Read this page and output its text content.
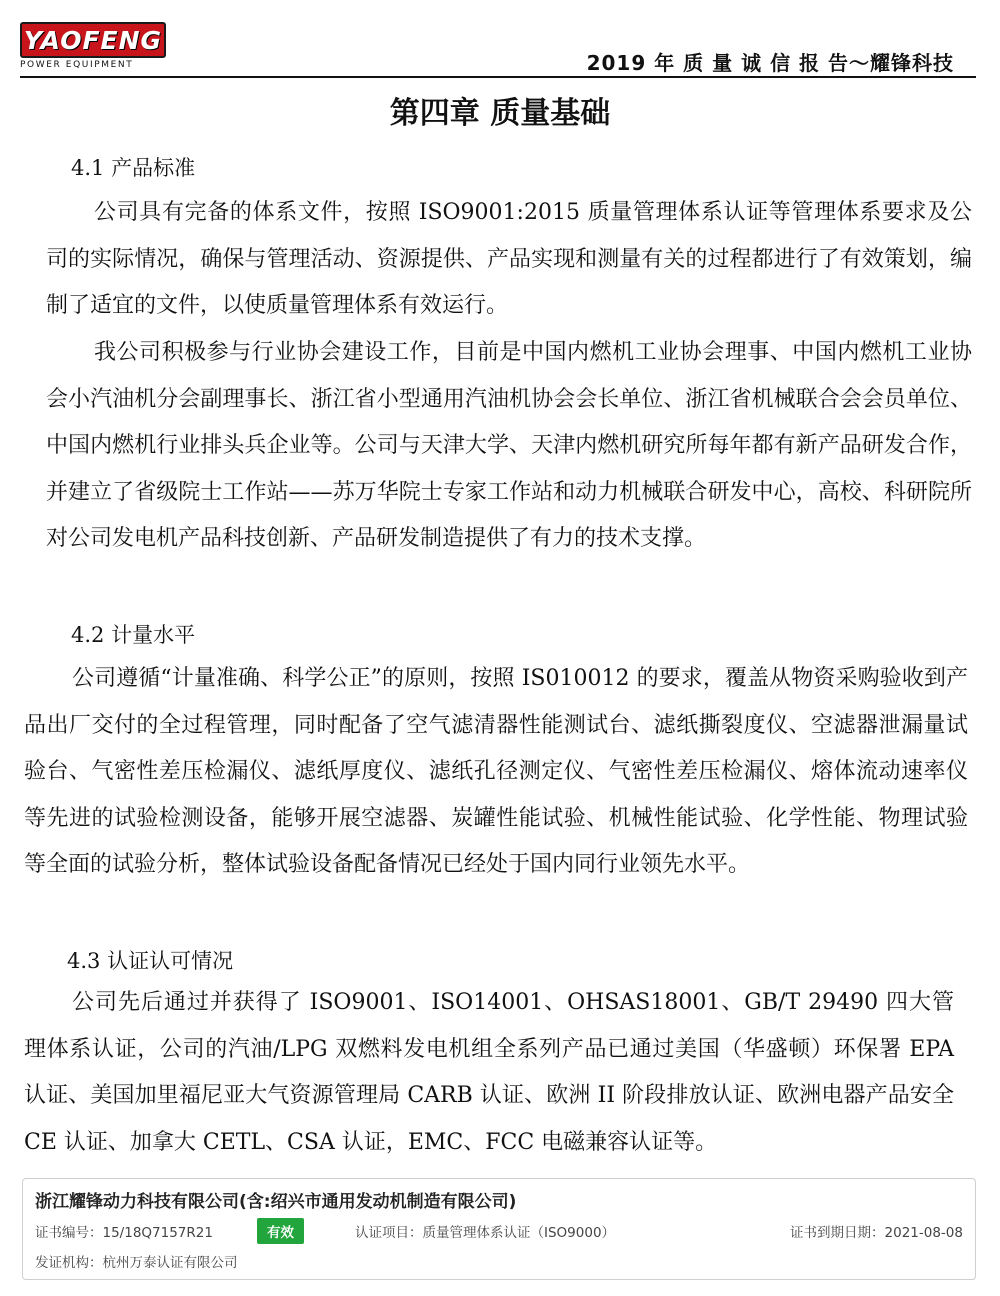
YAOFENG
POWER EQUIPMENT	2019 年 质 量 诚 信 报 告～耀锋科技
第四章 质量基础
4.1 产品标准
公司具有完备的体系文件，按照 ISO9001:2015 质量管理体系认证等管理体系要求及公司的实际情况，确保与管理活动、资源提供、产品实现和测量有关的过程都进行了有效策划，编制了适宜的文件，以使质量管理体系有效运行。
我公司积极参与行业协会建设工作，目前是中国内燃机工业协会理事、中国内燃机工业协会小汽油机分会副理事长、浙江省小型通用汽油机协会会长单位、浙江省机械联合会会员单位、中国内燃机行业排头兵企业等。公司与天津大学、天津内燃机研究所每年都有新产品研发合作，并建立了省级院士工作站——苏万华院士专家工作站和动力机械联合研发中心，高校、科研院所对公司发电机产品科技创新、产品研发制造提供了有力的技术支撑。
4.2 计量水平
公司遵循“计量准确、科学公正”的原则，按照 IS010012 的要求，覆盖从物资采购验收到产品出厂交付的全过程管理，同时配备了空气滤清器性能测试台、滤纸撕裂度仪、空滤器泄漏量试验台、气密性差压检漏仪、滤纸厚度仪、滤纸孔径测定仪、气密性差压检漏仪、熔体流动速率仪等先进的试验检测设备，能够开展空滤器、炭罐性能试验、机械性能试验、化学性能、物理试验等全面的试验分析，整体试验设备配备情况已经处于国内同行业领先水平。
4.3 认证认可情况
公司先后通过并获得了 ISO9001、ISO14001、OHSAS18001、GB/T 29490 四大管理体系认证，公司的汽油/LPG 双燃料发电机组全系列产品已通过美国（华盛顿）环保署 EPA 认证、美国加里福尼亚大气资源管理局 CARB 认证、欧洲 II 阶段排放认证、欧洲电器产品安全 CE 认证、加拿大 CETL、CSA 认证，EMC、FCC 电磁兼容认证等。
浙江耀锋动力科技有限公司(含:绍兴市通用发动机制造有限公司)
证书编号：15/18Q7157R21	有效	认证项目：质量管理体系认证（ISO9000）	证书到期日期：2021-08-08
发证机构：杭州万泰认证有限公司
